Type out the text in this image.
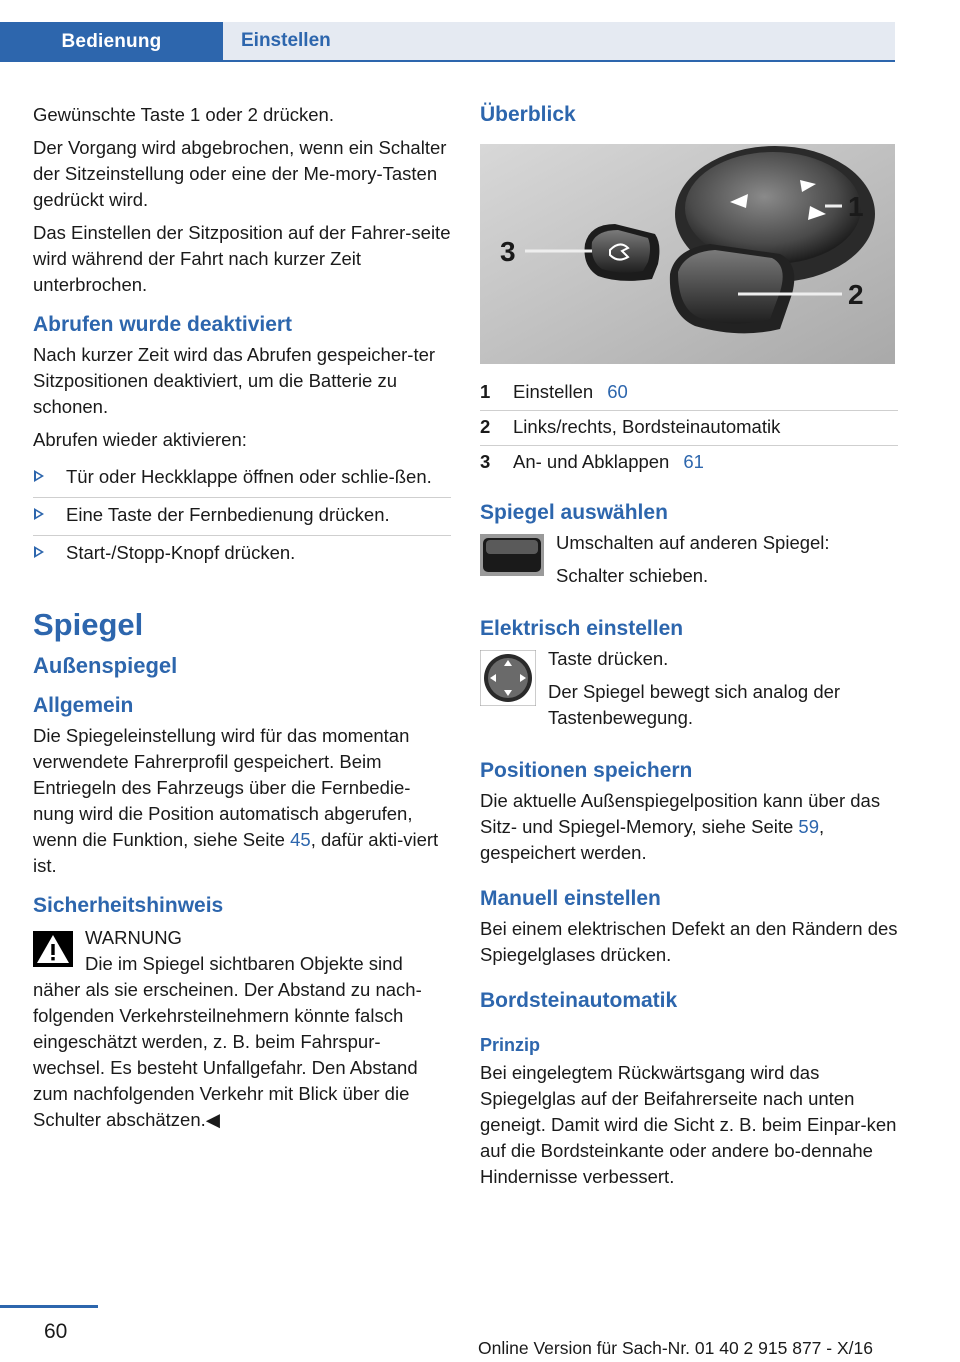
Bedienung	Einstellen

Gewünschte Taste 1 oder 2 drücken.

Der Vorgang wird abgebrochen, wenn ein Schalter der Sitzeinstellung oder eine der Me‐mory-Tasten gedrückt wird.

Das Einstellen der Sitzposition auf der Fahrer‐seite wird während der Fahrt nach kurzer Zeit unterbrochen.

Abrufen wurde deaktiviert

Nach kurzer Zeit wird das Abrufen gespeicher‐ter Sitzpositionen deaktiviert, um die Batterie zu schonen.

Abrufen wieder aktivieren:

Tür oder Heckklappe öffnen oder schlie‐ßen.
Eine Taste der Fernbedienung drücken.
Start-/Stopp-Knopf drücken.
Spiegel
Außenspiegel
Allgemein

Die Spiegeleinstellung wird für das momentan verwendete Fahrerprofil gespeichert. Beim Entriegeln des Fahrzeugs über die Fernbedie‐nung wird die Position automatisch abgerufen, wenn die Funktion, siehe Seite 45, dafür akti‐viert ist.

Sicherheitshinweis
WARNUNG
Die im Spiegel sichtbaren Objekte sind näher als sie erscheinen. Der Abstand zu nach‐folgenden Verkehrsteilnehmern könnte falsch eingeschätzt werden, z. B. beim Fahrspur‐wechsel. Es besteht Unfallgefahr. Den Abstand zum nachfolgenden Verkehr mit Blick über die Schulter abschätzen.◀
Überblick
1
2
3
1	Einstellen 60
2	Links/rechts, Bordsteinautomatik
3	An- und Abklappen 61
Spiegel auswählen

Umschalten auf anderen Spiegel:

Schalter schieben.

Elektrisch einstellen

Taste drücken.

Der Spiegel bewegt sich analog der Tastenbewegung.

Positionen speichern

Die aktuelle Außenspiegelposition kann über das Sitz- und Spiegel-Memory, siehe Seite 59, gespeichert werden.

Manuell einstellen

Bei einem elektrischen Defekt an den Rändern des Spiegelglases drücken.

Bordsteinautomatik
Prinzip

Bei eingelegtem Rückwärtsgang wird das Spiegelglas auf der Beifahrerseite nach unten geneigt. Damit wird die Sicht z. B. beim Einpar‐ken auf die Bordsteinkante oder andere bo‐dennahe Hindernisse verbessert.

60
Online Version für Sach-Nr. 01 40 2 915 877 - X/16
